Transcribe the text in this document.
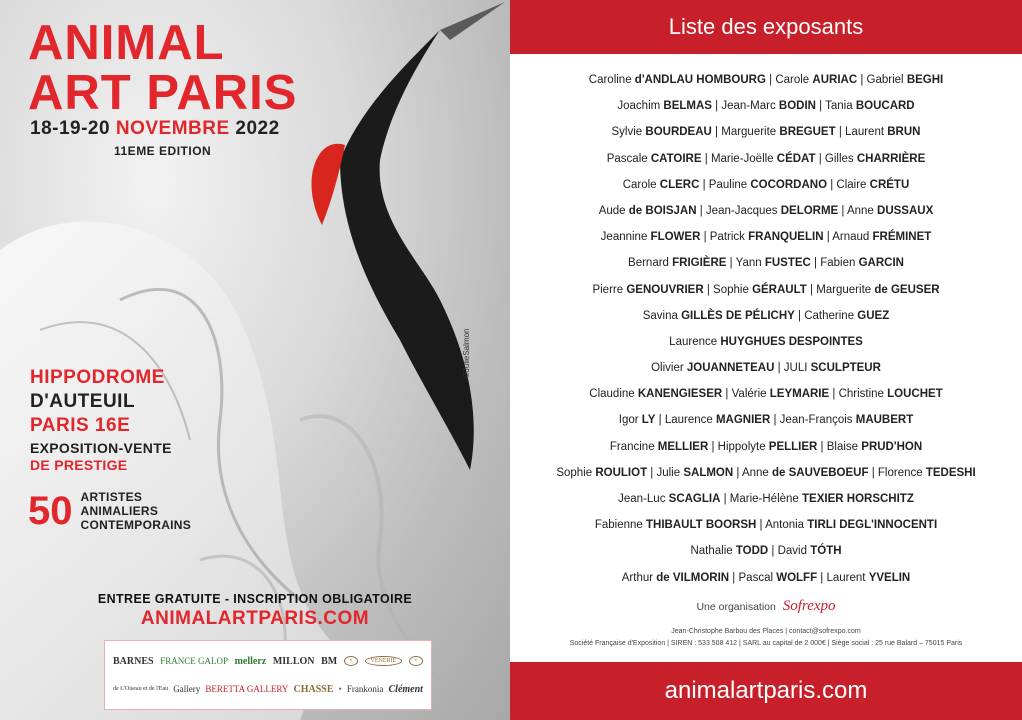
ANIMAL
ART PARIS
18-19-20 NOVEMBRE 2022
11EME EDITION
HIPPODROME
D'AUTEUIL
PARIS 16E
EXPOSITION-VENTE
DE PRESTIGE
50 ARTISTES
ANIMALIERS
CONTEMPORAINS
©JulieSalmon
ENTREE GRATUITE - INSCRIPTION OBLIGATOIRE
ANIMALARTPARIS.COM
BARNES FRANCE GALOP mellerz MILLON BM	•	VÉNERIE	•
de L'Oiseau et de l'Eau Gallery BERETTA GALLERY CHASSE • Frankonia Clément
Liste des exposants
Caroline d'ANDLAU HOMBOURG | Carole AURIAC | Gabriel BEGHI
Joachim BELMAS | Jean-Marc BODIN | Tania BOUCARD
Sylvie BOURDEAU | Marguerite BREGUET | Laurent BRUN
Pascale CATOIRE | Marie-Joëlle CÉDAT | Gilles CHARRIÈRE
Carole CLERC | Pauline COCORDANO | Claire CRÉTU
Aude de BOISJAN | Jean-Jacques DELORME | Anne DUSSAUX
Jeannine FLOWER | Patrick FRANQUELIN | Arnaud FRÉMINET
Bernard FRIGIÈRE | Yann FUSTEC | Fabien GARCIN
Pierre GENOUVRIER | Sophie GÉRAULT | Marguerite de GEUSER
Savina GILLÈS DE PÉLICHY | Catherine GUEZ
Laurence HUYGHUES DESPOINTES
Olivier JOUANNETEAU | JULI SCULPTEUR
Claudine KANENGIESER | Valérie LEYMARIE | Christine LOUCHET
Igor LY | Laurence MAGNIER | Jean-François MAUBERT
Francine MELLIER | Hippolyte PELLIER | Blaise PRUD'HON
Sophie ROULIOT | Julie SALMON | Anne de SAUVEBOEUF | Florence TEDESHI
Jean-Luc SCAGLIA | Marie-Hélène TEXIER HORSCHITZ
Fabienne THIBAULT BOORSH | Antonia TIRLI DEGL'INNOCENTI
Nathalie TODD | David TÓTH
Arthur de VILMORIN | Pascal WOLFF | Laurent YVELIN
Une organisation Sofrexpo
Jean-Christophe Barbou des Places | contact@sofrexpo.com
Société Française d'Exposition | SIREN : 533 508 412 | SARL au capital de 2 000€ | Siège social : 25 rue Balard – 75015 Paris
animalartparis.com
